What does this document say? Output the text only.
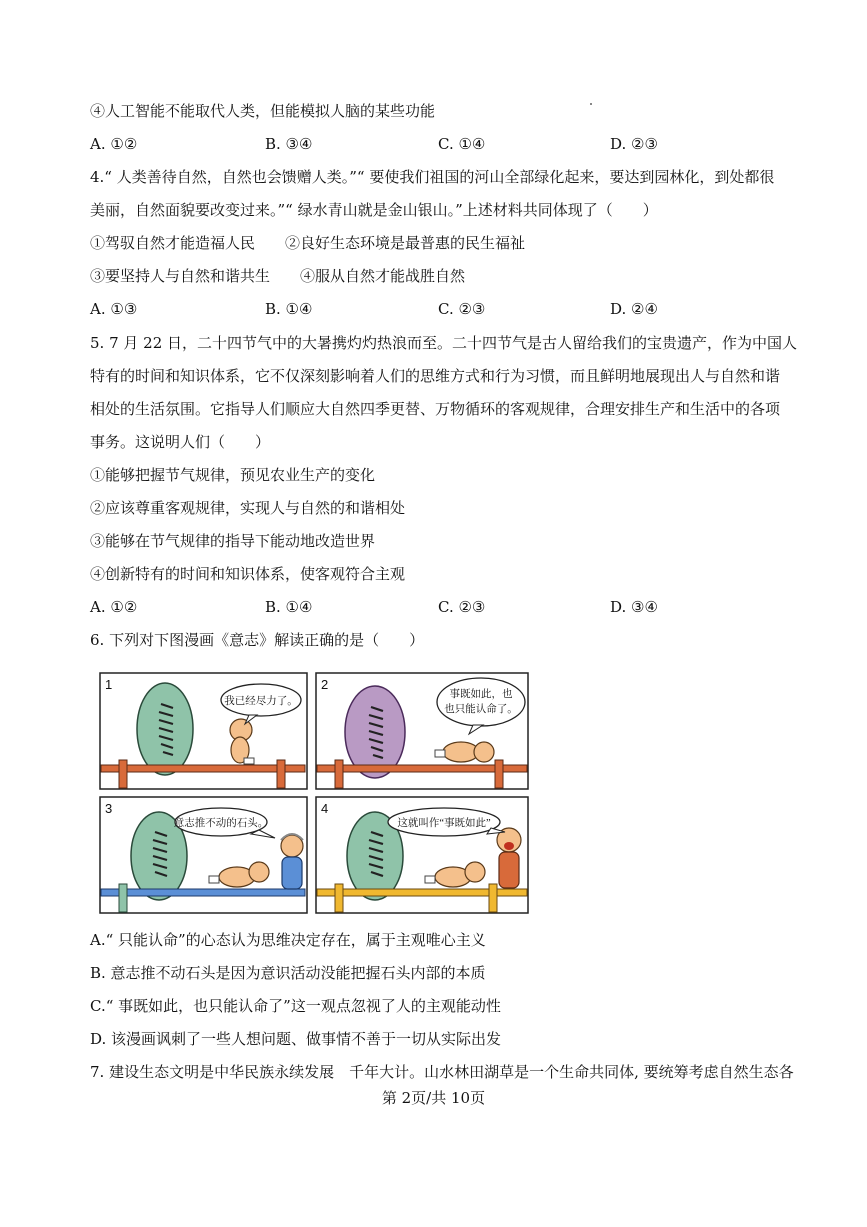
④人工智能不能取代人类，但能模拟人脑的某些功能
A. ①②	B. ③④	C. ①④	D. ②③
4.“ 人类善待自然，自然也会馈赠人类。”“ 要使我们祖国的河山全部绿化起来，要达到园林化，到处都很
美丽，自然面貌要改变过来。”“ 绿水青山就是金山银山。”上述材料共同体现了（　　）
①驾驭自然才能造福人民　　②良好生态环境是最普惠的民生福祉
③要坚持人与自然和谐共生　　④服从自然才能战胜自然
A. ①③	B. ①④	C. ②③	D. ②④
5. 7 月 22 日，二十四节气中的大暑携灼灼热浪而至。二十四节气是古人留给我们的宝贵遗产，作为中国人
特有的时间和知识体系，它不仅深刻影响着人们的思维方式和行为习惯，而且鲜明地展现出人与自然和谐
相处的生活氛围。它指导人们顺应大自然四季更替、万物循环的客观规律，合理安排生产和生活中的各项
事务。这说明人们（　　）
①能够把握节气规律，预见农业生产的变化
②应该尊重客观规律，实现人与自然的和谐相处
③能够在节气规律的指导下能动地改造世界
④创新特有的时间和知识体系，使客观符合主观
A. ①②	B. ①④	C. ②③	D. ③④
6. 下列对下图漫画《意志》解读正确的是（　　）
1
我已经尽力了。
2
事既如此，也
也只能认命了。
3
意志推不动的石头。
4
这就叫作“事既如此”
A.“ 只能认命”的心态认为思维决定存在，属于主观唯心主义
B. 意志推不动石头是因为意识活动没能把握石头内部的本质
C.“ 事既如此，也只能认命了”这一观点忽视了人的主观能动性
D. 该漫画讽刺了一些人想问题、做事情不善于一切从实际出发
7. 建设生态文明是中华民族永续发展　千年大计。山水林田湖草是一个生命共同体, 要统筹考虑自然生态各
第 2页/共 10页
